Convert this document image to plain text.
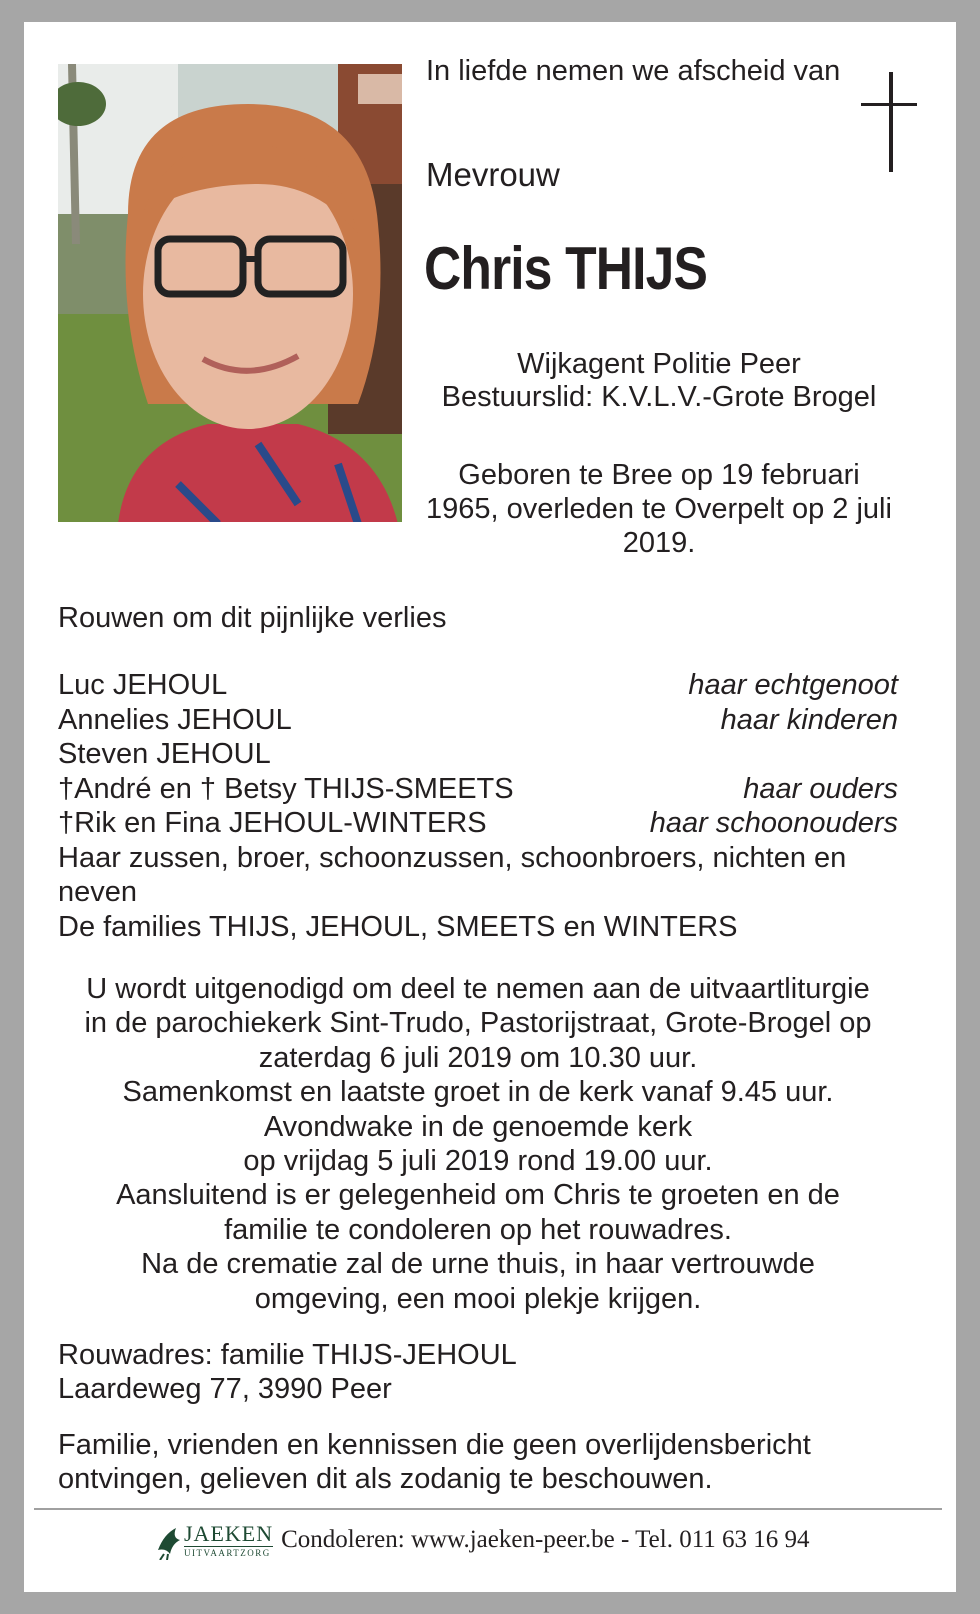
In liefde nemen we afscheid van
Mevrouw
Chris THIJS
Wijkagent Politie Peer
Bestuurslid: K.V.L.V.-Grote Brogel
Geboren te Bree op 19 februari 1965, overleden te Overpelt op 2 juli 2019.
Rouwen om dit pijnlijke verlies
Luc JEHOUL	haar echtgenoot
Annelies JEHOUL	haar kinderen
Steven JEHOUL
†André en † Betsy THIJS-SMEETS	haar ouders
†Rik en Fina JEHOUL-WINTERS	haar schoonouders
Haar zussen, broer, schoonzussen, schoonbroers, nichten en neven
De families THIJS, JEHOUL, SMEETS en WINTERS
U wordt uitgenodigd om deel te nemen aan de uitvaartliturgie
in de parochiekerk Sint-Trudo, Pastorijstraat, Grote-Brogel op
zaterdag 6 juli 2019 om 10.30 uur.
Samenkomst en laatste groet in de kerk vanaf 9.45 uur.
Avondwake in de genoemde kerk
op vrijdag 5 juli 2019 rond 19.00 uur.
Aansluitend is er gelegenheid om Chris te groeten en de
familie te condoleren op het rouwadres.
Na de crematie zal de urne thuis, in haar vertrouwde
omgeving, een mooi plekje krijgen.
Rouwadres: familie THIJS-JEHOUL
Laardeweg 77, 3990 Peer
Familie, vrienden en kennissen die geen overlijdensbericht ontvingen, gelieven dit als zodanig te beschouwen.
JAEKEN
UITVAARTZORG Condoleren: www.jaeken-peer.be - Tel. 011 63 16 94
